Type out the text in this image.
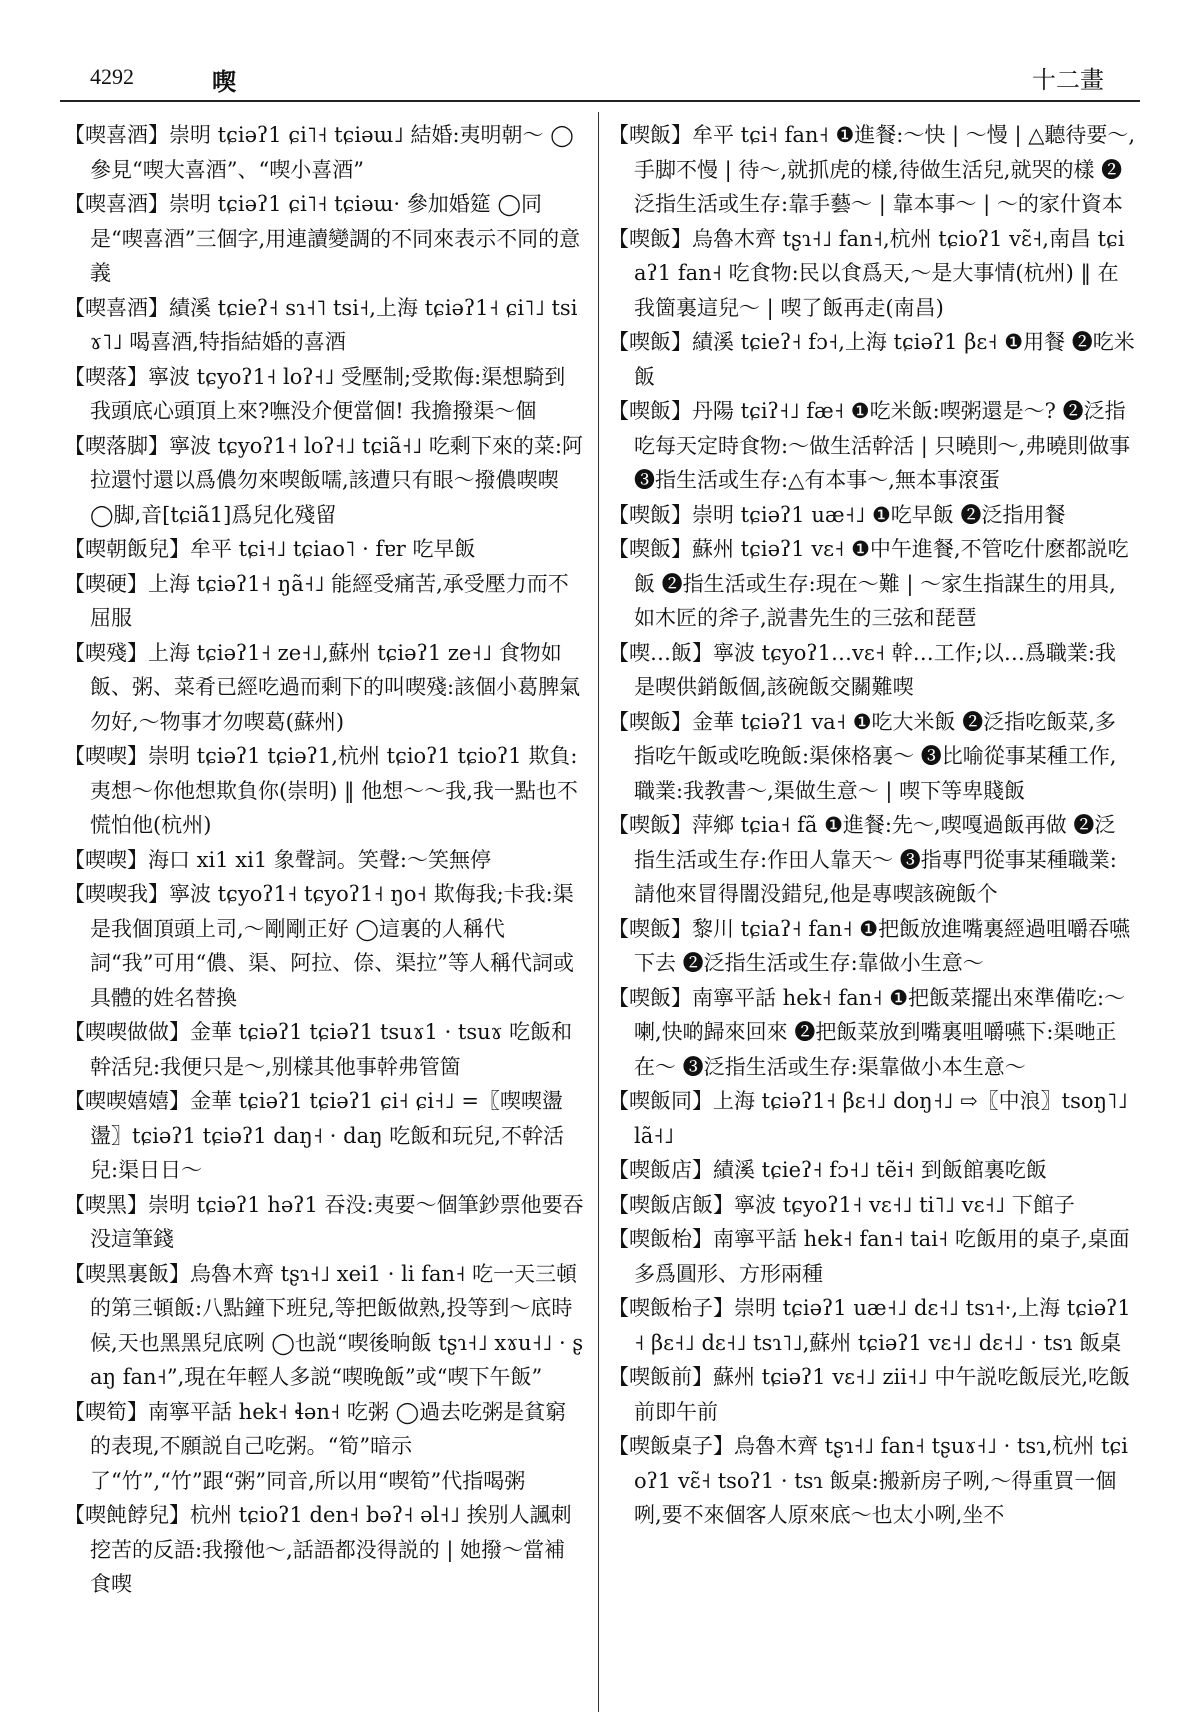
4292	喫	十二畫

【喫喜酒】崇明 tɕiəʔ1 ɕi˥˧ tɕiəɯ˩ 結婚:夷明朝～ ◯參見“喫大喜酒”、“喫小喜酒”

【喫喜酒】崇明 tɕiəʔ1 ɕi˥˧ tɕiəɯ· 參加婚筵 ◯同是“喫喜酒”三個字,用連讀變調的不同來表示不同的意義

【喫喜酒】績溪 tɕieʔ˧ sɿ˧˥ tsi˧,上海 tɕiəʔ1˧ ɕi˥˩ tsiɤ˥˩ 喝喜酒,特指結婚的喜酒

【喫落】寧波 tɕyoʔ1˧ loʔ˧˩ 受壓制;受欺侮:渠想騎到我頭底心頭頂上來?嘸没介便當個! 我擔撥渠～個

【喫落脚】寧波 tɕyoʔ1˧ loʔ˧˩ tɕiã˧˩ 吃剩下來的菜:阿拉還忖還以爲儂勿來喫飯嚅,該遭只有眼～撥儂喫喫 ◯脚,音[tɕiã1]爲兒化殘留

【喫朝飯兒】牟平 tɕi˧˩ tɕiao˥ · fɐr 吃早飯

【喫硬】上海 tɕiəʔ1˧ ŋã˧˩ 能經受痛苦,承受壓力而不屈服

【喫殘】上海 tɕiəʔ1˧ ze˧˩,蘇州 tɕiəʔ1 ze˧˩ 食物如飯、粥、菜肴已經吃過而剩下的叫喫殘:該個小葛脾氣勿好,～物事才勿喫葛(蘇州)

【喫喫】崇明 tɕiəʔ1 tɕiəʔ1,杭州 tɕioʔ1 tɕioʔ1 欺負:夷想～你他想欺負你(崇明) ‖ 他想～～我,我一點也不慌怕他(杭州)

【喫喫】海口 xi1 xi1 象聲詞。笑聲:～笑無停

【喫喫我】寧波 tɕyoʔ1˧ tɕyoʔ1˧ ŋo˧ 欺侮我;卡我:渠是我個頂頭上司,～剛剛正好 ◯這裏的人稱代詞“我”可用“儂、渠、阿拉、倷、渠拉”等人稱代詞或具體的姓名替換

【喫喫做做】金華 tɕiəʔ1 tɕiəʔ1 tsuɤ1 · tsuɤ 吃飯和幹活兒:我便只是～,别樣其他事幹弗管箇

【喫喫嬉嬉】金華 tɕiəʔ1 tɕiəʔ1 ɕi˧ ɕi˧˩ =〖喫喫盪盪〗tɕiəʔ1 tɕiəʔ1 daŋ˧ · daŋ 吃飯和玩兒,不幹活兒:渠日日～

【喫黑】崇明 tɕiəʔ1 həʔ1 吞没:夷要～個筆鈔票他要吞没這筆錢

【喫黑裏飯】烏魯木齊 tʂɿ˧˩ xei1 · li fan˧ 吃一天三頓的第三頓飯:八點鐘下班兒,等把飯做熟,投等到～底時候,天也黑黑兒底咧 ◯也説“喫後晌飯 tʂɿ˧˩ xɤu˧˩ · ʂaŋ fan˧”,現在年輕人多説“喫晚飯”或“喫下午飯”

【喫筍】南寧平話 hek˧ ɬən˧ 吃粥 ◯過去吃粥是貧窮的表現,不願説自己吃粥。“筍”暗示了“竹”,“竹”跟“粥”同音,所以用“喫筍”代指喝粥

【喫飩餑兒】杭州 tɕioʔ1 den˧ bəʔ˧ əl˧˩ 挨别人諷刺挖苦的反語:我撥他～,話語都没得説的 | 她撥～當補食喫

【喫飯】牟平 tɕi˧ fan˧ ❶進餐:～快 | ～慢 | △聽待要～,手脚不慢 | 待～,就抓虎的樣,待做生活兒,就哭的樣 ❷泛指生活或生存:靠手藝～ | 靠本事～ | ～的家什資本

【喫飯】烏魯木齊 tʂɿ˧˩ fan˧,杭州 tɕioʔ1 vɛ̃˧,南昌 tɕiaʔ1 fan˧ 吃食物:民以食爲天,～是大事情(杭州) ‖ 在我箇裏這兒～ | 喫了飯再走(南昌)

【喫飯】績溪 tɕieʔ˧ fɔ˧,上海 tɕiəʔ1 βɛ˧ ❶用餐 ❷吃米飯

【喫飯】丹陽 tɕiʔ˧˩ fæ˧ ❶吃米飯:喫粥還是～? ❷泛指吃每天定時食物:～做生活幹活 | 只曉則～,弗曉則做事 ❸指生活或生存:△有本事～,無本事滾蛋

【喫飯】崇明 tɕiəʔ1 uæ˧˩ ❶吃早飯 ❷泛指用餐

【喫飯】蘇州 tɕiəʔ1 vɛ˧ ❶中午進餐,不管吃什麽都説吃飯 ❷指生活或生存:現在～難 | ～家生指謀生的用具,如木匠的斧子,説書先生的三弦和琵琶

【喫…飯】寧波 tɕyoʔ1…vɛ˧ 幹…工作;以…爲職業:我是喫供銷飯個,該碗飯交關難喫

【喫飯】金華 tɕiəʔ1 va˧ ❶吃大米飯 ❷泛指吃飯菜,多指吃午飯或吃晚飯:渠倈格裏～ ❸比喻從事某種工作,職業:我教書～,渠做生意～ | 喫下等卑賤飯

【喫飯】萍鄉 tɕia˧ fã ❶進餐:先～,喫嘎過飯再做 ❷泛指生活或生存:作田人靠天～ ❸指專門從事某種職業:請他來冒得闇没錯兒,他是專喫該碗飯个

【喫飯】黎川 tɕiaʔ˧ fan˧ ❶把飯放進嘴裏經過咀嚼吞嚥下去 ❷泛指生活或生存:靠做小生意～

【喫飯】南寧平話 hek˧ fan˧ ❶把飯菜擺出來準備吃:～喇,快啲歸來回來 ❷把飯菜放到嘴裏咀嚼嚥下:渠哋正在～ ❸泛指生活或生存:渠靠做小本生意～

【喫飯同】上海 tɕiəʔ1˧ βɛ˧˩ doŋ˧˩ ⇨〖中浪〗tsoŋ˥˩ lã˧˩

【喫飯店】績溪 tɕieʔ˧ fɔ˧˩ tẽi˧ 到飯館裏吃飯

【喫飯店飯】寧波 tɕyoʔ1˧ vɛ˧˩ ti˥˩ vɛ˧˩ 下館子

【喫飯枱】南寧平話 hek˧ fan˧ tai˧ 吃飯用的桌子,桌面多爲圓形、方形兩種

【喫飯枱子】崇明 tɕiəʔ1 uæ˧˩ dɛ˧˩ tsɿ˧·,上海 tɕiəʔ1˧ βɛ˧˩ dɛ˧˩ tsɿ˥˩,蘇州 tɕiəʔ1 vɛ˧˩ dɛ˧˩ · tsɿ 飯桌

【喫飯前】蘇州 tɕiəʔ1 vɛ˧˩ zii˧˩ 中午説吃飯辰光,吃飯前即午前

【喫飯桌子】烏魯木齊 tʂɿ˧˩ fan˧ tʂuɤ˧˩ · tsɿ,杭州 tɕioʔ1 vɛ̃˧ tsoʔ1 · tsɿ 飯桌:搬新房子咧,～得重買一個咧,要不來個客人原來底～也太小咧,坐不
